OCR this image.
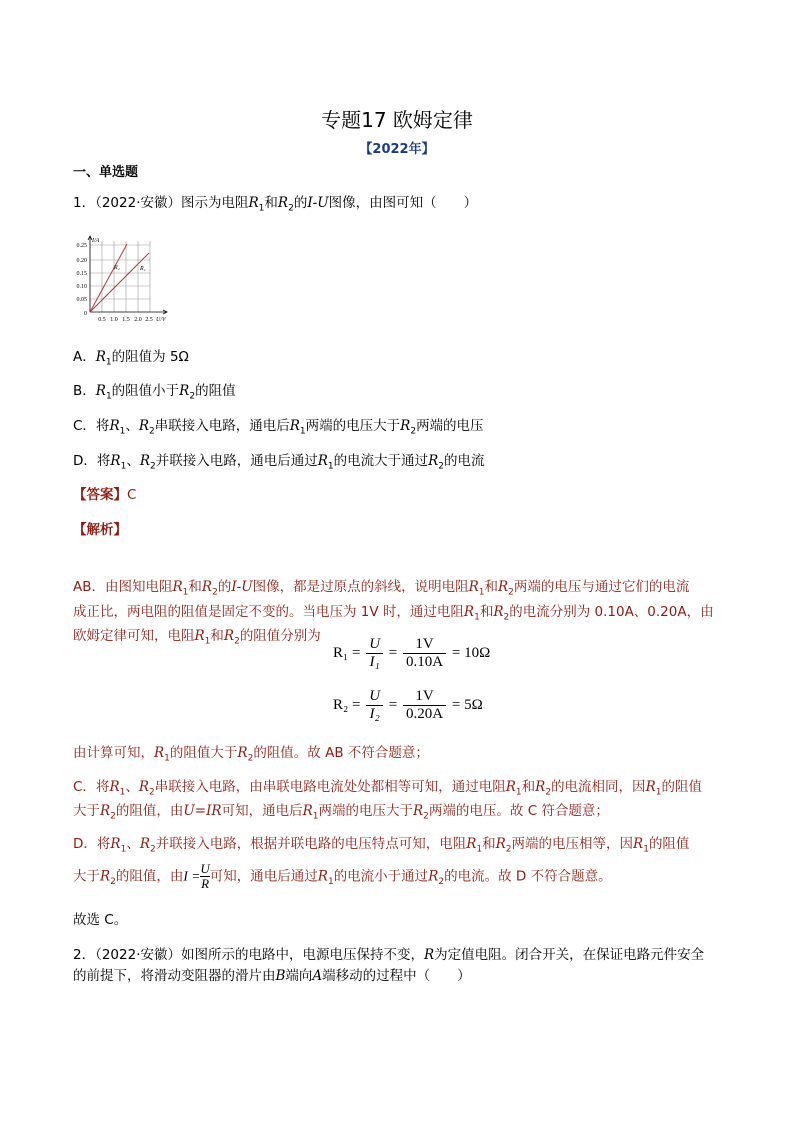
专题17 欧姆定律
【2022年】
一、单选题
1．（2022·安徽）图示为电阻$R_1$和$R_2$的I-U图像，由图可知（　　）
I/A
U/V
R₂	R₁
0.25
0.20
0.15
0.10
0.05
0
0.5 1.0 1.5 2.0 2.5
A．$R_1$的阻值为 5Ω
B．$R_1$的阻值小于$R_2$的阻值
C．将$R_1$、$R_2$串联接入电路，通电后$R_1$两端的电压大于$R_2$两端的电压
D．将$R_1$、$R_2$并联接入电路，通电后通过$R_1$的电流大于通过$R_2$的电流
【答案】C
【解析】
AB．由图知电阻$R_1$和$R_2$的I-U图像，都是过原点的斜线，说明电阻$R_1$和$R_2$两端的电压与通过它们的电流
成正比，两电阻的阻值是固定不变的。当电压为 1V 时，通过电阻$R_1$和$R_2$的电流分别为 0.10A、0.20A，由
欧姆定律可知，电阻$R_1$和$R_2$的阻值分别为
$R_1 = \frac{U}{\text{I₁}} = \frac{1V}{0.10A} = 10\Omega$
$R_2 = \frac{U}{\text{I₂}} = \frac{1V}{0.20A} = 5\Omega$
由计算可知，$R_1$的阻值大于$R_2$的阻值。故 AB 不符合题意；
C．将$R_1$、$R_2$串联接入电路，由串联电路电流处处都相等可知，通过电阻$R_1$和$R_2$的电流相同，因$R_1$的阻值
大于$R_2$的阻值，由U=IR可知，通电后$R_1$两端的电压大于$R_2$两端的电压。故 C 符合题意；
D．将$R_1$、$R_2$并联接入电路，根据并联电路的电压特点可知，电阻$R_1$和$R_2$两端的电压相等，因$R_1$的阻值
大于$R_2$的阻值，由$I = \frac{U}{R}$ 可知，通电后通过$R_1$的电流小于通过$R_2$的电流。故 D 不符合题意。
故选 C。
2．（2022·安徽）如图所示的电路中，电源电压保持不变，R为定值电阻。闭合开关，在保证电路元件安全
的前提下，将滑动变阻器的滑片由B端向A端移动的过程中（　　）
